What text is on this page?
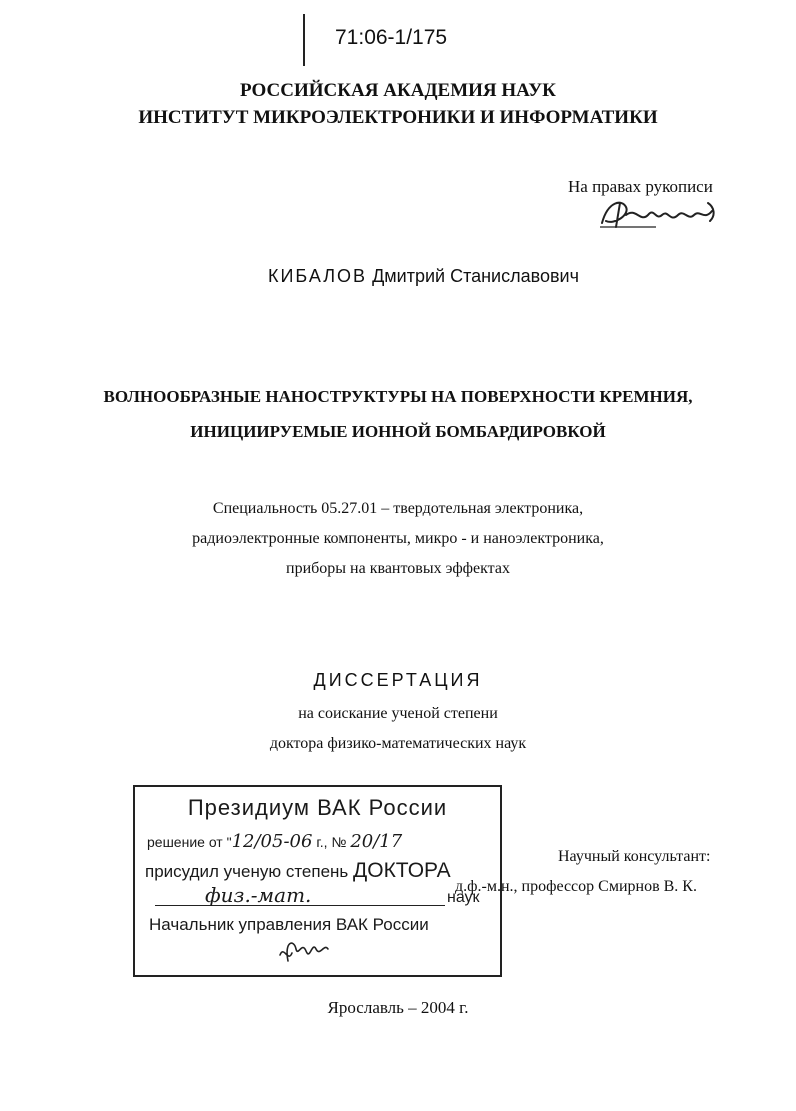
71:06-1/175
РОССИЙСКАЯ АКАДЕМИЯ НАУК
ИНСТИТУТ МИКРОЭЛЕКТРОНИКИ И ИНФОРМАТИКИ
На правах рукописи
КИБАЛОВ Дмитрий Станиславович
ВОЛНООБРАЗНЫЕ НАНОСТРУКТУРЫ НА ПОВЕРХНОСТИ КРЕМНИЯ,
ИНИЦИИРУЕМЫЕ ИОННОЙ БОМБАРДИРОВКОЙ
Специальность 05.27.01 – твердотельная электроника,
радиоэлектронные компоненты, микро - и наноэлектроника,
приборы на квантовых эффектах
ДИССЕРТАЦИЯ
на соискание ученой степени
доктора физико-математических наук
Президиум ВАК России
решение от "12/05-06 г., № 20/17
присудил ученую степень ДОКТОРА

физ.-мат.	наук
Начальник управления ВАК России

Научный консультант:
д.ф.-м.н., профессор Смирнов В. К.
Ярославль – 2004 г.
